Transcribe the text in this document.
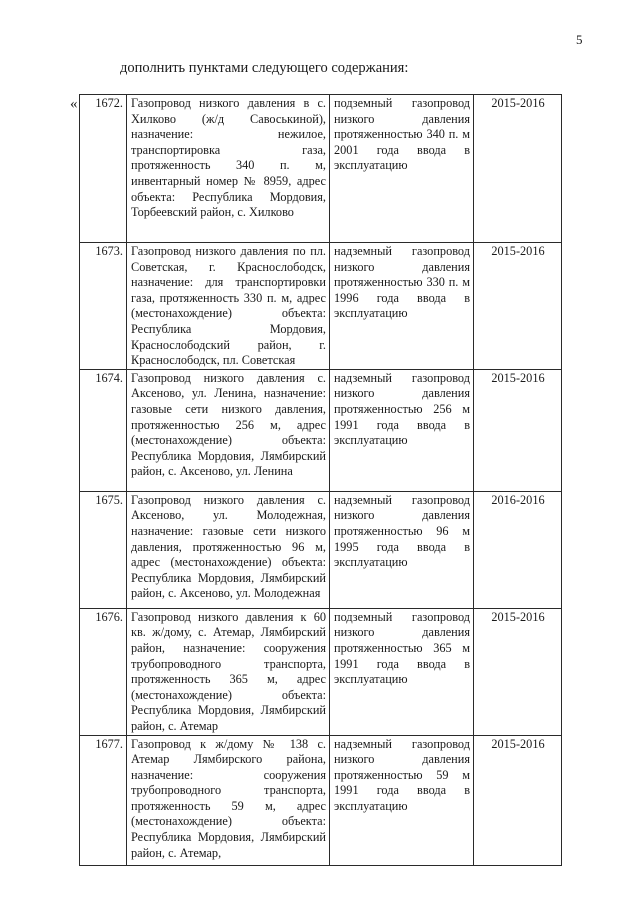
5
дополнить пунктами следующего содержания:
« 1672.	Газопровод низкого давления в с. Хилково (ж/д Савоськиной), назначение: нежилое, транспортировка газа, протяженность 340 п. м, инвентарный номер № 8959, адрес объекта: Республика Мордовия, Торбеевский район, с. Хилково	подземный газопровод низкого давления протяженностью 340 п. м 2001 года ввода в эксплуатацию	2015-2016
1673.	Газопровод низкого давления по пл. Советская, г. Краснослободск, назначение: для транспортировки газа, протяженность 330 п. м, адрес (местонахождение) объекта: Республика Мордовия, Краснослободский район, г. Краснослободск, пл. Советская	надземный газопровод низкого давления протяженностью 330 п. м 1996 года ввода в эксплуатацию	2015-2016
1674.	Газопровод низкого давления с. Аксеново, ул. Ленина, назначение: газовые сети низкого давления, протяженностью 256 м, адрес (местонахождение) объекта: Республика Мордовия, Лямбирский район, с. Аксеново, ул. Ленина	надземный газопровод низкого давления протяженностью 256 м 1991 года ввода в эксплуатацию	2015-2016
1675.	Газопровод низкого давления с. Аксеново, ул. Молодежная, назначение: газовые сети низкого давления, протяженностью 96 м, адрес (местонахождение) объекта: Республика Мордовия, Лямбирский район, с. Аксеново, ул. Молодежная	надземный газопровод низкого давления протяженностью 96 м 1995 года ввода в эксплуатацию	2016-2016
1676.	Газопровод низкого давления к 60 кв. ж/дому, с. Атемар, Лямбирский район, назначение: сооружения трубопроводного транспорта, протяженность 365 м, адрес (местонахождение) объекта: Республика Мордовия, Лямбирский район, с. Атемар	подземный газопровод низкого давления протяженностью 365 м 1991 года ввода в эксплуатацию	2015-2016
1677.	Газопровод к ж/дому № 138 с. Атемар Лямбирского района, назначение: сооружения трубопроводного транспорта, протяженность 59 м, адрес (местонахождение) объекта: Республика Мордовия, Лямбирский район, с. Атемар,	надземный газопровод низкого давления протяженностью 59 м 1991 года ввода в эксплуатацию	2015-2016
